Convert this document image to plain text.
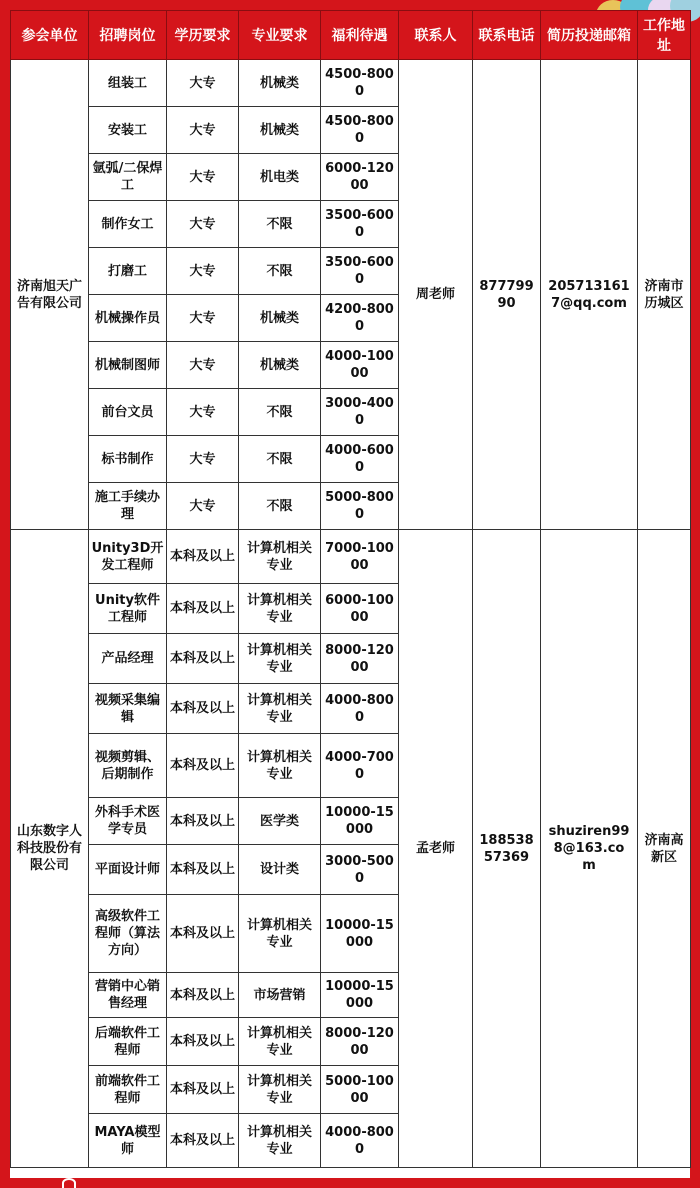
参会单位	招聘岗位	学历要求	专业要求	福利待遇	联系人	联系电话	简历投递邮箱	工作地址
济南旭天广告有限公司	组装工	大专	机械类	4500-8000	周老师	87779990	2057131617@qq.com	济南市历城区
	安装工	大专	机械类	4500-8000				
	氩弧/二保焊工	大专	机电类	6000-12000				
	制作女工	大专	不限	3500-6000				
	打磨工	大专	不限	3500-6000				
	机械操作员	大专	机械类	4200-8000				
	机械制图师	大专	机械类	4000-10000				
	前台文员	大专	不限	3000-4000				
	标书制作	大专	不限	4000-6000				
	施工手续办理	大专	不限	5000-8000				
山东数字人科技股份有限公司	Unity3D开发工程师	本科及以上	计算机相关专业	7000-10000	孟老师	18853857369	shuziren998@163.com	济南高新区
	Unity软件工程师	本科及以上	计算机相关专业	6000-10000				
	产品经理	本科及以上	计算机相关专业	8000-12000				
	视频采集编辑	本科及以上	计算机相关专业	4000-8000				
	视频剪辑、后期制作	本科及以上	计算机相关专业	4000-7000				
	外科手术医学专员	本科及以上	医学类	10000-15000				
	平面设计师	本科及以上	设计类	3000-5000				
	高级软件工程师（算法方向）	本科及以上	计算机相关专业	10000-15000				
	营销中心销售经理	本科及以上	市场营销	10000-15000				
	后端软件工程师	本科及以上	计算机相关专业	8000-12000				
	前端软件工程师	本科及以上	计算机相关专业	5000-10000				
	MAYA模型师	本科及以上	计算机相关专业	4000-8000				
